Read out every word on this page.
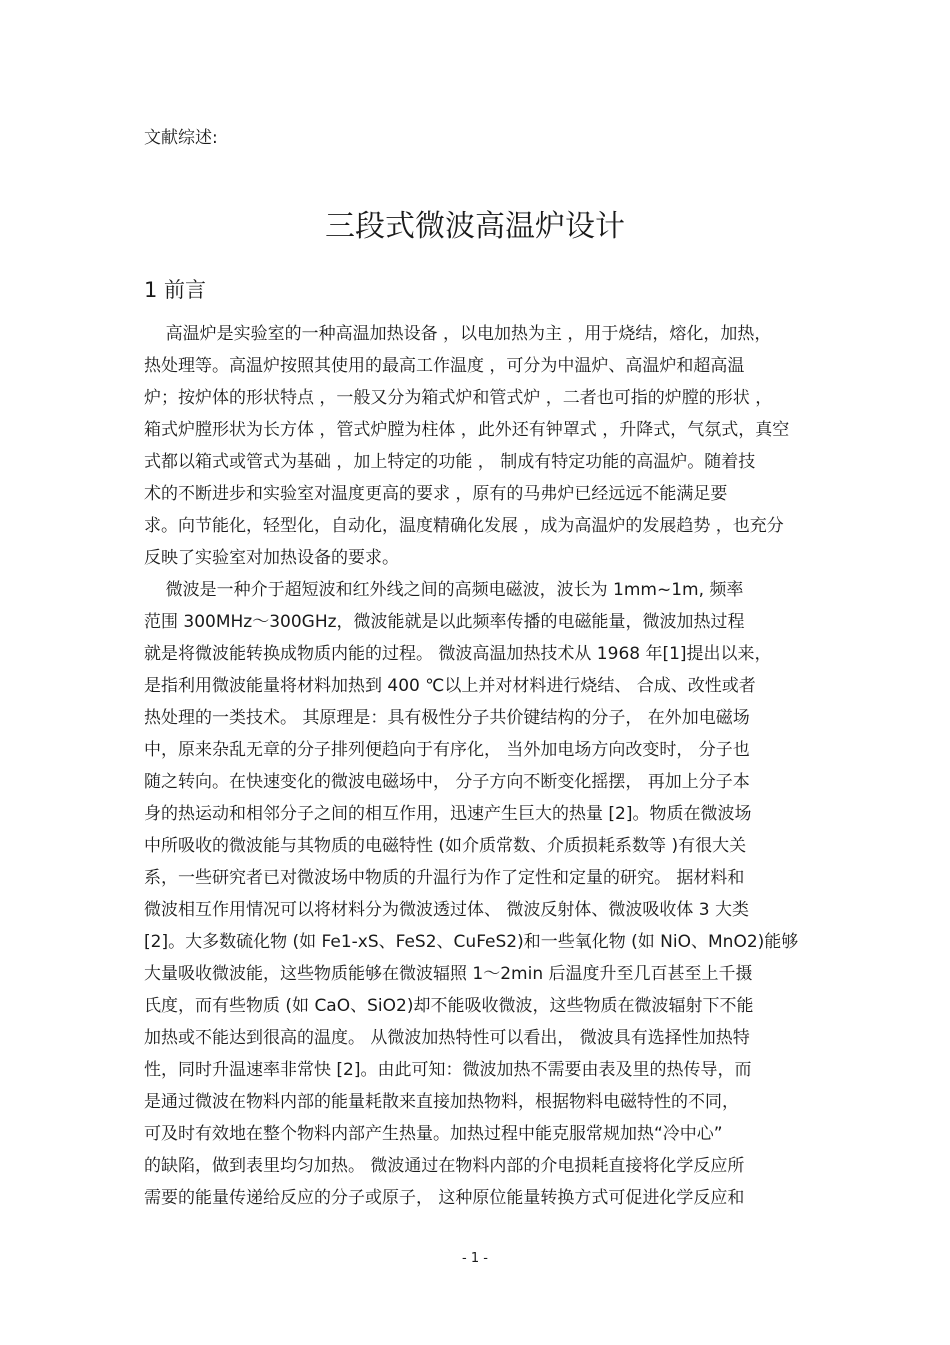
文献综述:
三段式微波高温炉设计
1 前言
高温炉是实验室的一种高温加热设备 ，以电加热为主 ，用于烧结，熔化，加热，
热处理等。高温炉按照其使用的最高工作温度 ，可分为中温炉、高温炉和超高温
炉；按炉体的形状特点 ，一般又分为箱式炉和管式炉 ，二者也可指的炉膛的形状 ，
箱式炉膛形状为长方体 ，管式炉膛为柱体 ，此外还有钟罩式 ，升降式，气氛式，真空
式都以箱式或管式为基础 ，加上特定的功能 ， 制成有特定功能的高温炉。随着技
术的不断进步和实验室对温度更高的要求 ，原有的马弗炉已经远远不能满足要
求。向节能化，轻型化，自动化，温度精确化发展 ，成为高温炉的发展趋势 ，也充分
反映了实验室对加热设备的要求。
微波是一种介于超短波和红外线之间的高频电磁波，波长为 1mm~1m, 频率
范围 300MHz～300GHz，微波能就是以此频率传播的电磁能量，微波加热过程
就是将微波能转换成物质内能的过程。 微波高温加热技术从 1968 年[1]提出以来，
是指利用微波能量将材料加热到 400 ℃以上并对材料进行烧结、 合成、改性或者
热处理的一类技术。 其原理是：具有极性分子共价键结构的分子， 在外加电磁场
中，原来杂乱无章的分子排列便趋向于有序化， 当外加电场方向改变时， 分子也
随之转向。在快速变化的微波电磁场中， 分子方向不断变化摇摆， 再加上分子本
身的热运动和相邻分子之间的相互作用，迅速产生巨大的热量 [2]。物质在微波场
中所吸收的微波能与其物质的电磁特性 (如介质常数、介质损耗系数等 )有很大关
系，一些研究者已对微波场中物质的升温行为作了定性和定量的研究。 据材料和
微波相互作用情况可以将材料分为微波透过体、 微波反射体、微波吸收体 3 大类
[2]。大多数硫化物 (如 Fe1-xS、FeS2、CuFeS2)和一些氧化物 (如 NiO、MnO2)能够
大量吸收微波能，这些物质能够在微波辐照 1～2min 后温度升至几百甚至上千摄
氏度，而有些物质 (如 CaO、SiO2)却不能吸收微波，这些物质在微波辐射下不能
加热或不能达到很高的温度。 从微波加热特性可以看出， 微波具有选择性加热特
性，同时升温速率非常快 [2]。由此可知：微波加热不需要由表及里的热传导，而
是通过微波在物料内部的能量耗散来直接加热物料，根据物料电磁特性的不同，
可及时有效地在整个物料内部产生热量。加热过程中能克服常规加热“冷中心”
的缺陷，做到表里均匀加热。 微波通过在物料内部的介电损耗直接将化学反应所
需要的能量传递给反应的分子或原子， 这种原位能量转换方式可促进化学反应和
- 1 -
